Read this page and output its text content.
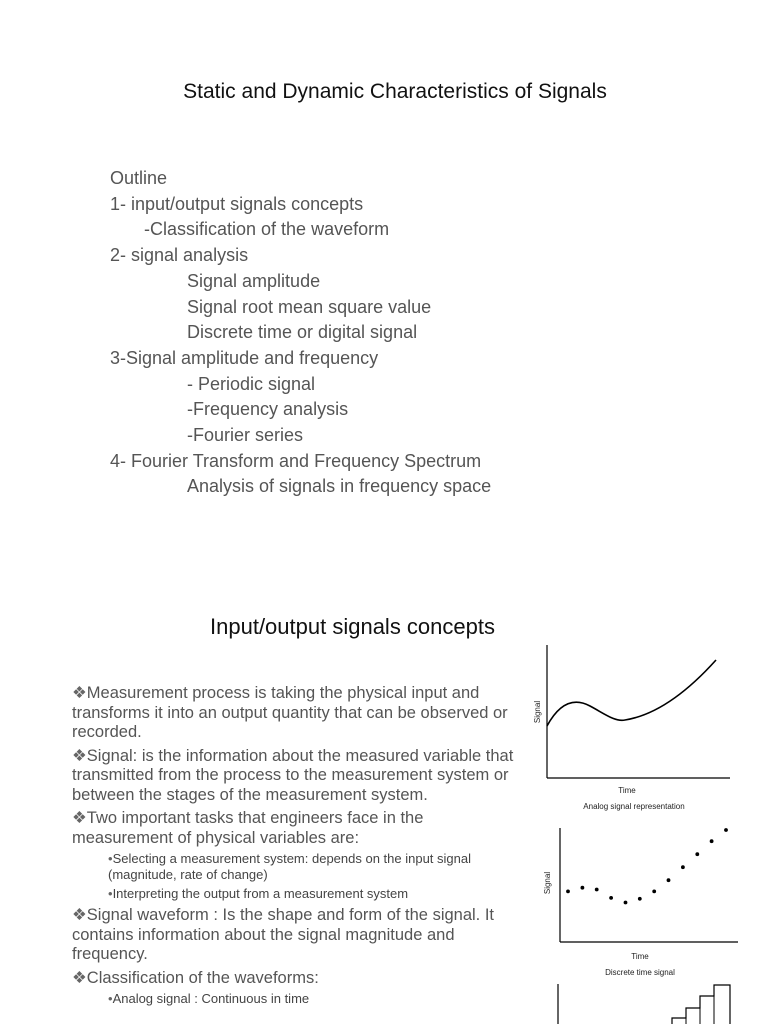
Static and Dynamic Characteristics of Signals
Outline
1- input/output signals concepts
-Classification of the waveform
2- signal analysis
Signal amplitude
Signal root mean square value
Discrete time or digital signal
3-Signal amplitude and frequency
- Periodic signal
-Frequency analysis
-Fourier series
4- Fourier Transform and Frequency Spectrum
Analysis of signals in frequency space
Input/output signals concepts
❖Measurement process is taking the physical input and transforms it into an output quantity that can be observed or recorded.
❖Signal: is the information about the measured variable that transmitted from the process to the measurement system or between the stages of the measurement system.
❖Two important tasks that engineers face in the measurement of physical variables are:
•Selecting a measurement system: depends on the input signal (magnitude, rate of change)
•Interpreting the output from a measurement system
❖Signal waveform : Is the shape and form of the signal. It contains information about the signal magnitude and frequency.
❖Classification of the waveforms:
•Analog signal : Continuous in time
Signal
Time
Analog signal representation
Signal
Time
Discrete time signal
